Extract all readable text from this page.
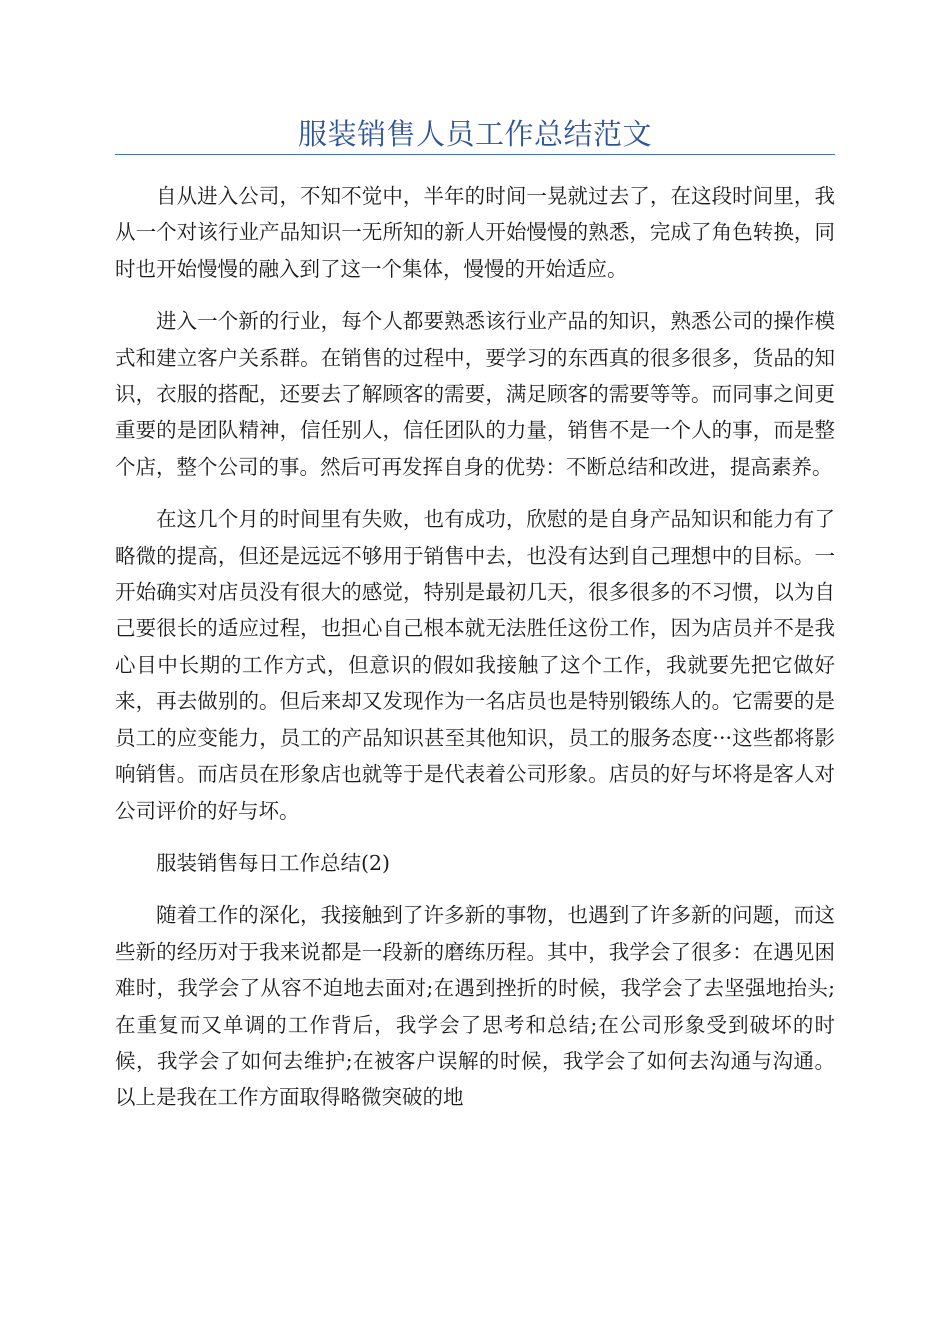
服装销售人员工作总结范文

自从进入公司，不知不觉中，半年的时间一晃就过去了，在这段时间里，我从一个对该行业产品知识一无所知的新人开始慢慢的熟悉，完成了角色转换，同时也开始慢慢的融入到了这一个集体，慢慢的开始适应。

进入一个新的行业，每个人都要熟悉该行业产品的知识，熟悉公司的操作模式和建立客户关系群。在销售的过程中，要学习的东西真的很多很多，货品的知识，衣服的搭配，还要去了解顾客的需要，满足顾客的需要等等。而同事之间更重要的是团队精神，信任别人，信任团队的力量，销售不是一个人的事，而是整个店，整个公司的事。然后可再发挥自身的优势：不断总结和改进，提高素养。

在这几个月的时间里有失败，也有成功，欣慰的是自身产品知识和能力有了略微的提高，但还是远远不够用于销售中去，也没有达到自己理想中的目标。一开始确实对店员没有很大的感觉，特别是最初几天，很多很多的不习惯，以为自己要很长的适应过程，也担心自己根本就无法胜任这份工作，因为店员并不是我心目中长期的工作方式，但意识的假如我接触了这个工作，我就要先把它做好来，再去做别的。但后来却又发现作为一名店员也是特别锻练人的。它需要的是员工的应变能力，员工的产品知识甚至其他知识，员工的服务态度···这些都将影响销售。而店员在形象店也就等于是代表着公司形象。店员的好与坏将是客人对公司评价的好与坏。

服装销售每日工作总结(2)

随着工作的深化，我接触到了许多新的事物，也遇到了许多新的问题，而这些新的经历对于我来说都是一段新的磨练历程。其中，我学会了很多：在遇见困难时，我学会了从容不迫地去面对;在遇到挫折的时候，我学会了去坚强地抬头;在重复而又单调的工作背后，我学会了思考和总结;在公司形象受到破坏的时候，我学会了如何去维护;在被客户误解的时候，我学会了如何去沟通与沟通。以上是我在工作方面取得略微突破的地
